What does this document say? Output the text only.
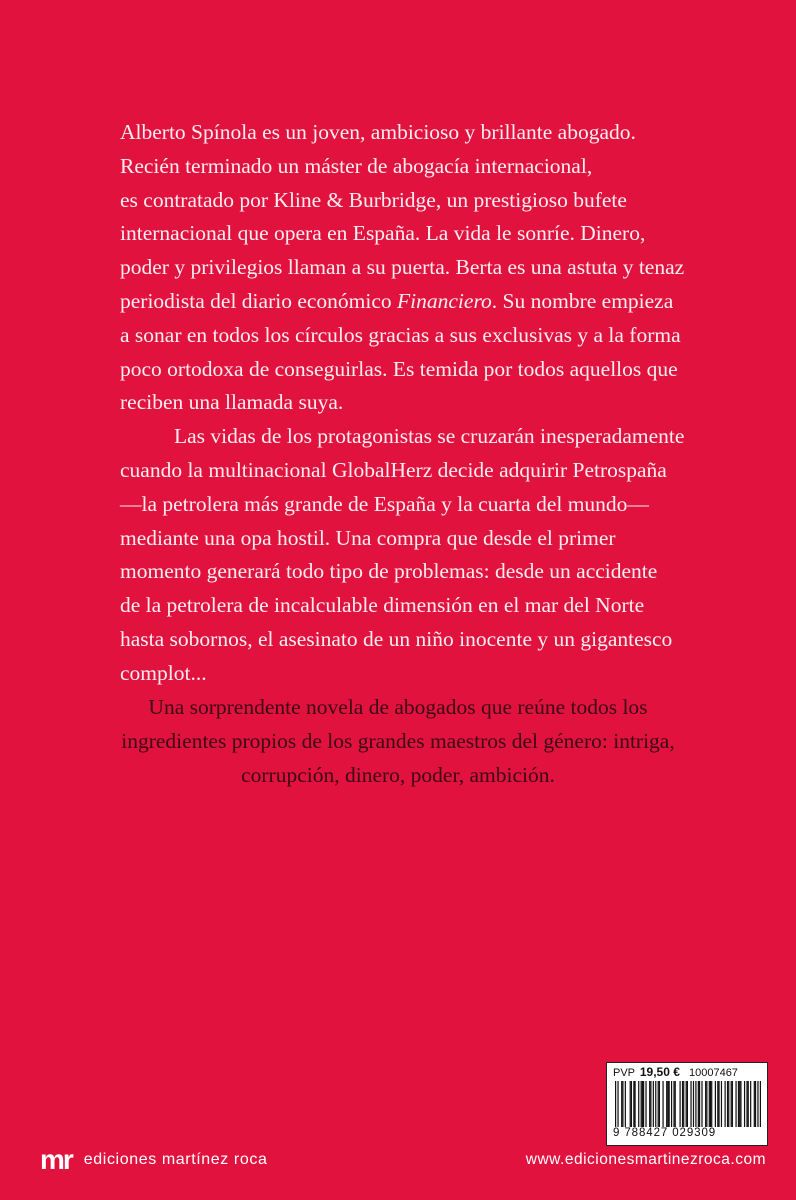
Alberto Spínola es un joven, ambicioso y brillante abogado.
Recién terminado un máster de abogacía internacional,
es contratado por Kline & Burbridge, un prestigioso bufete
internacional que opera en España. La vida le sonríe. Dinero,
poder y privilegios llaman a su puerta. Berta es una astuta y tenaz
periodista del diario económico Financiero. Su nombre empieza
a sonar en todos los círculos gracias a sus exclusivas y a la forma
poco ortodoxa de conseguirlas. Es temida por todos aquellos que
reciben una llamada suya.

Las vidas de los protagonistas se cruzarán inesperadamente
cuando la multinacional GlobalHerz decide adquirir Petrospaña
—la petrolera más grande de España y la cuarta del mundo—
mediante una opa hostil. Una compra que desde el primer
momento generará todo tipo de problemas: desde un accidente
de la petrolera de incalculable dimensión en el mar del Norte
hasta sobornos, el asesinato de un niño inocente y un gigantesco
complot...

Una sorprendente novela de abogados que reúne todos los
ingredientes propios de los grandes maestros del género: intriga,
corrupción, dinero, poder, ambición.
PVP 19,50 € 10007467
9 788427 029309
mr ediciones martínez roca	www.edicionesmartinezroca.com
